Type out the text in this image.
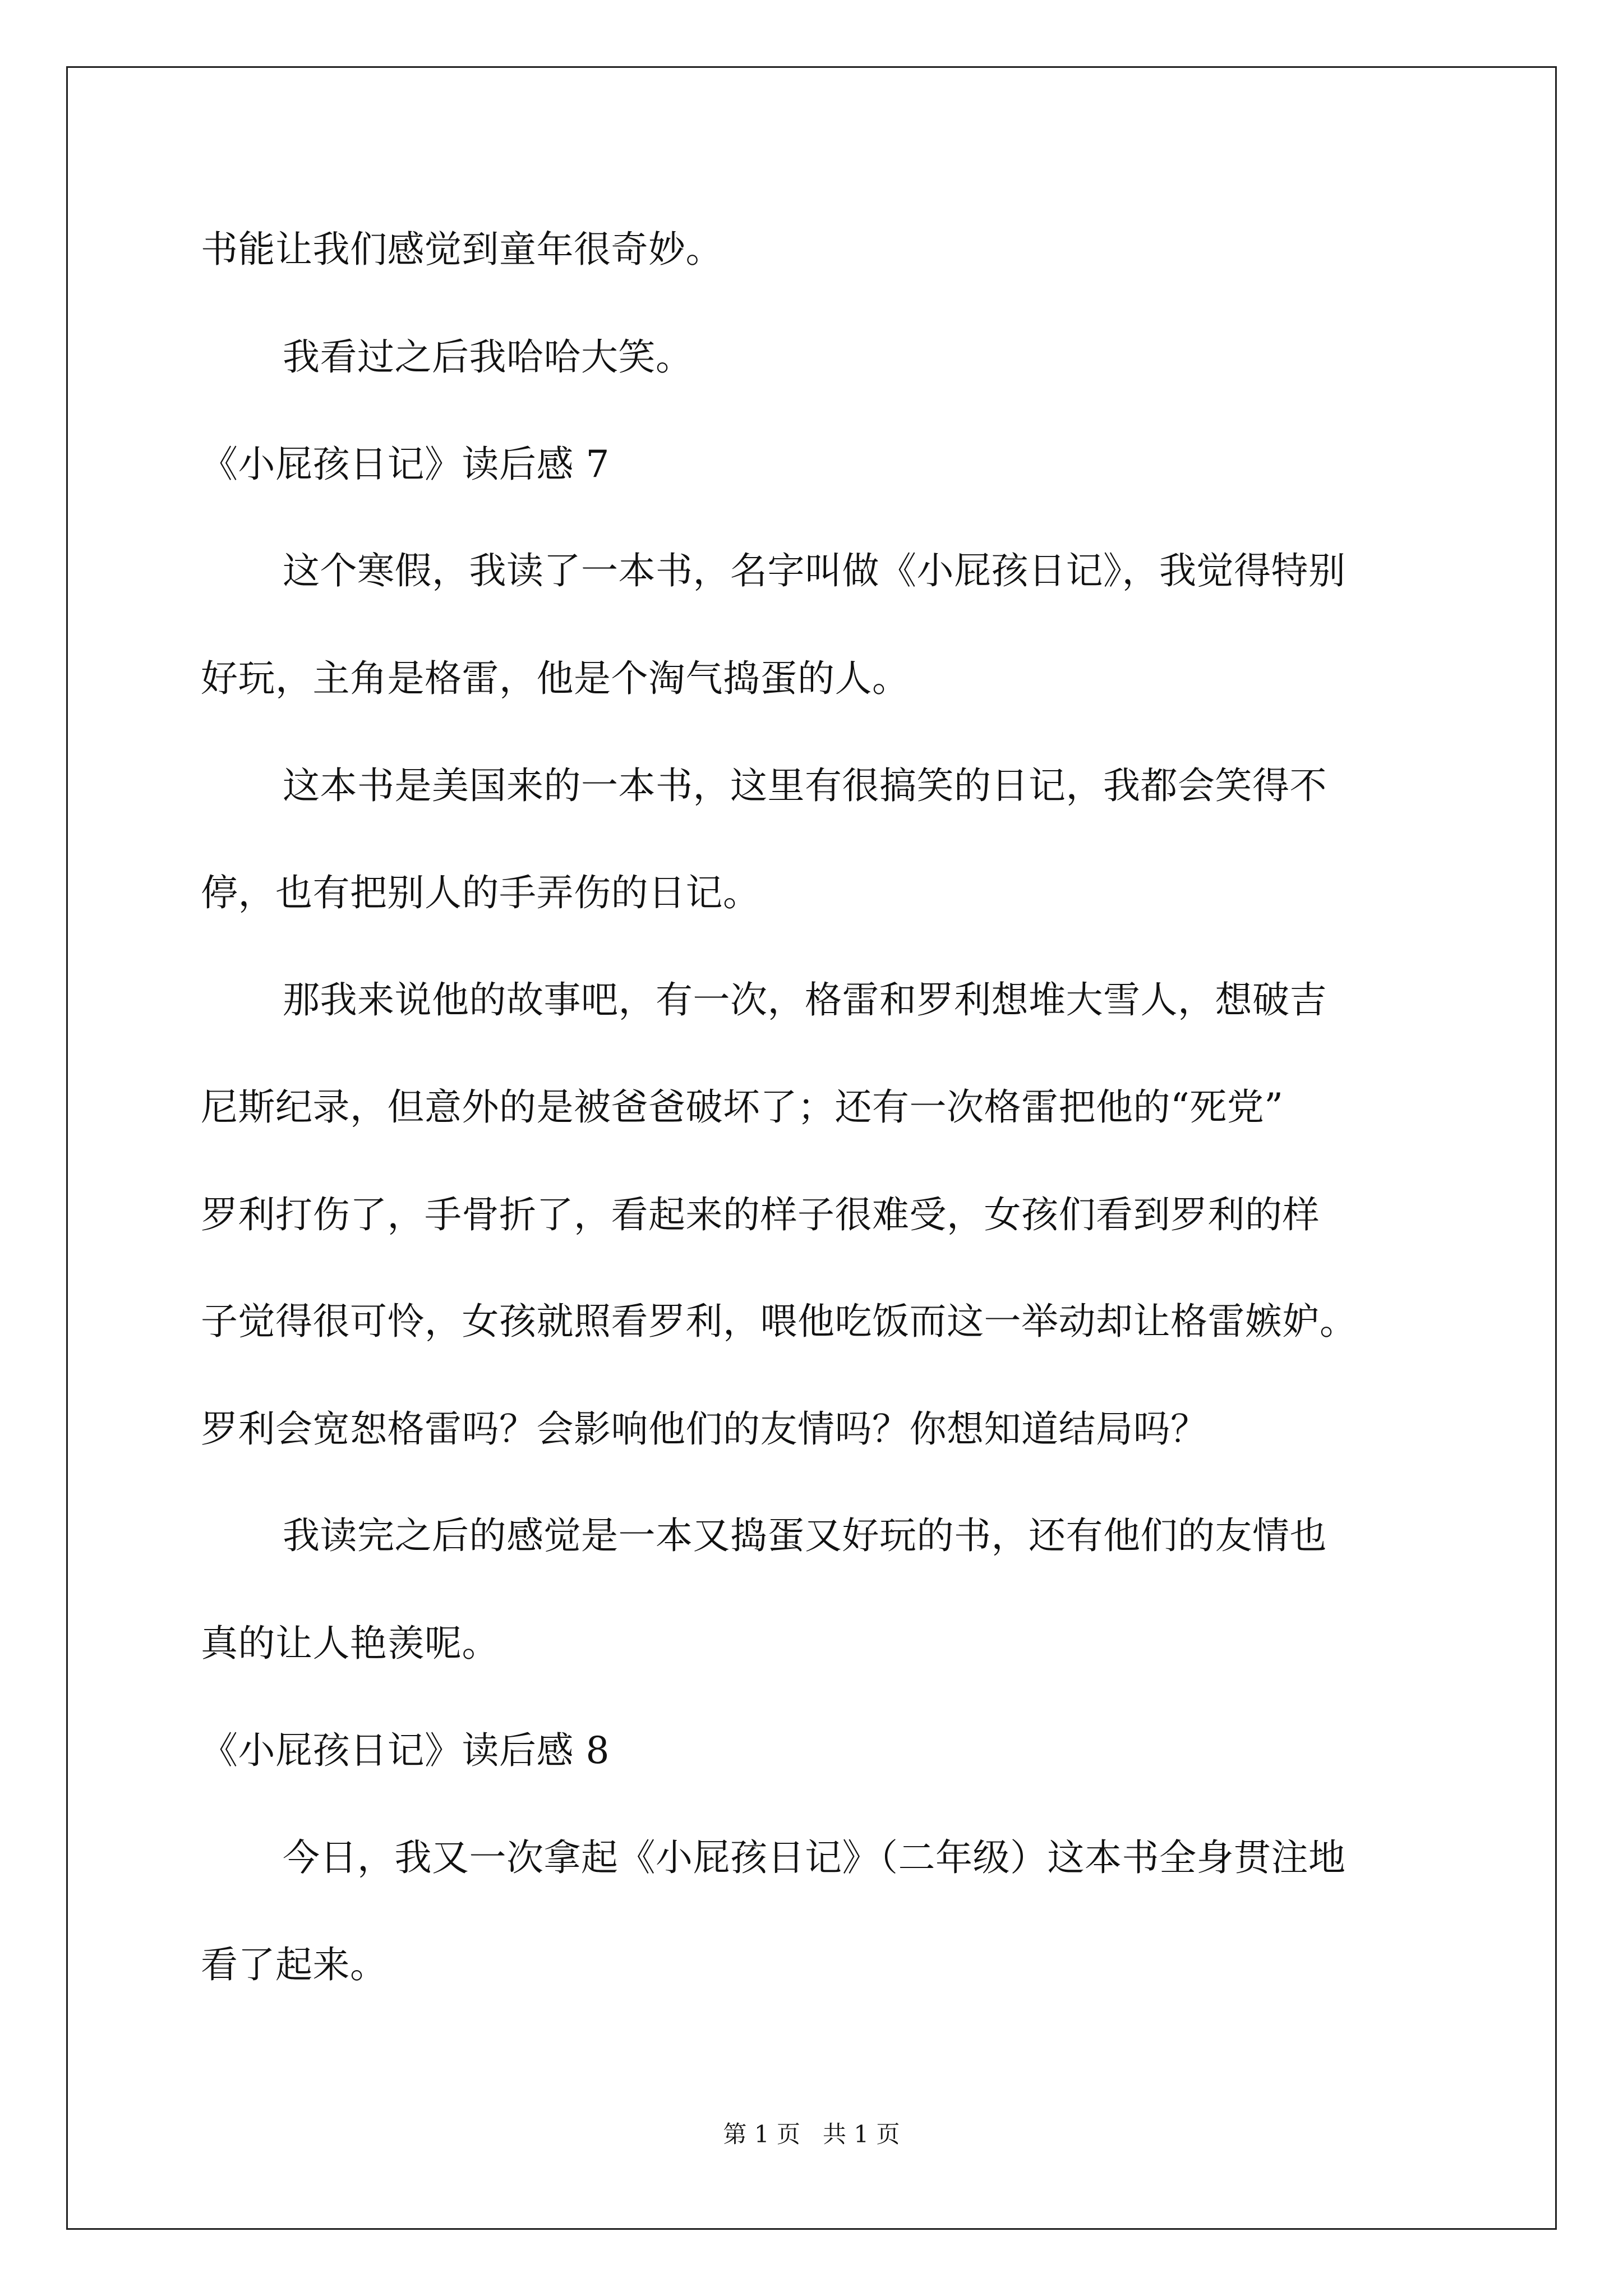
书能让我们感觉到童年很奇妙。
我看过之后我哈哈大笑。
《小屁孩日记》读后感 7
这个寒假，我读了一本书，名字叫做《小屁孩日记》，我觉得特别
好玩，主角是格雷，他是个淘气捣蛋的人。
这本书是美国来的一本书，这里有很搞笑的日记，我都会笑得不
停，也有把别人的手弄伤的日记。
那我来说他的故事吧，有一次，格雷和罗利想堆大雪人，想破吉
尼斯纪录，但意外的是被爸爸破坏了；还有一次格雷把他的“死党”
罗利打伤了，手骨折了，看起来的样子很难受，女孩们看到罗利的样
子觉得很可怜，女孩就照看罗利，喂他吃饭而这一举动却让格雷嫉妒。
罗利会宽恕格雷吗？会影响他们的友情吗？你想知道结局吗？
我读完之后的感觉是一本又捣蛋又好玩的书，还有他们的友情也
真的让人艳羡呢。
《小屁孩日记》读后感 8
今日，我又一次拿起《小屁孩日记》（二年级）这本书全身贯注地
看了起来。
第 1 页   共 1 页
